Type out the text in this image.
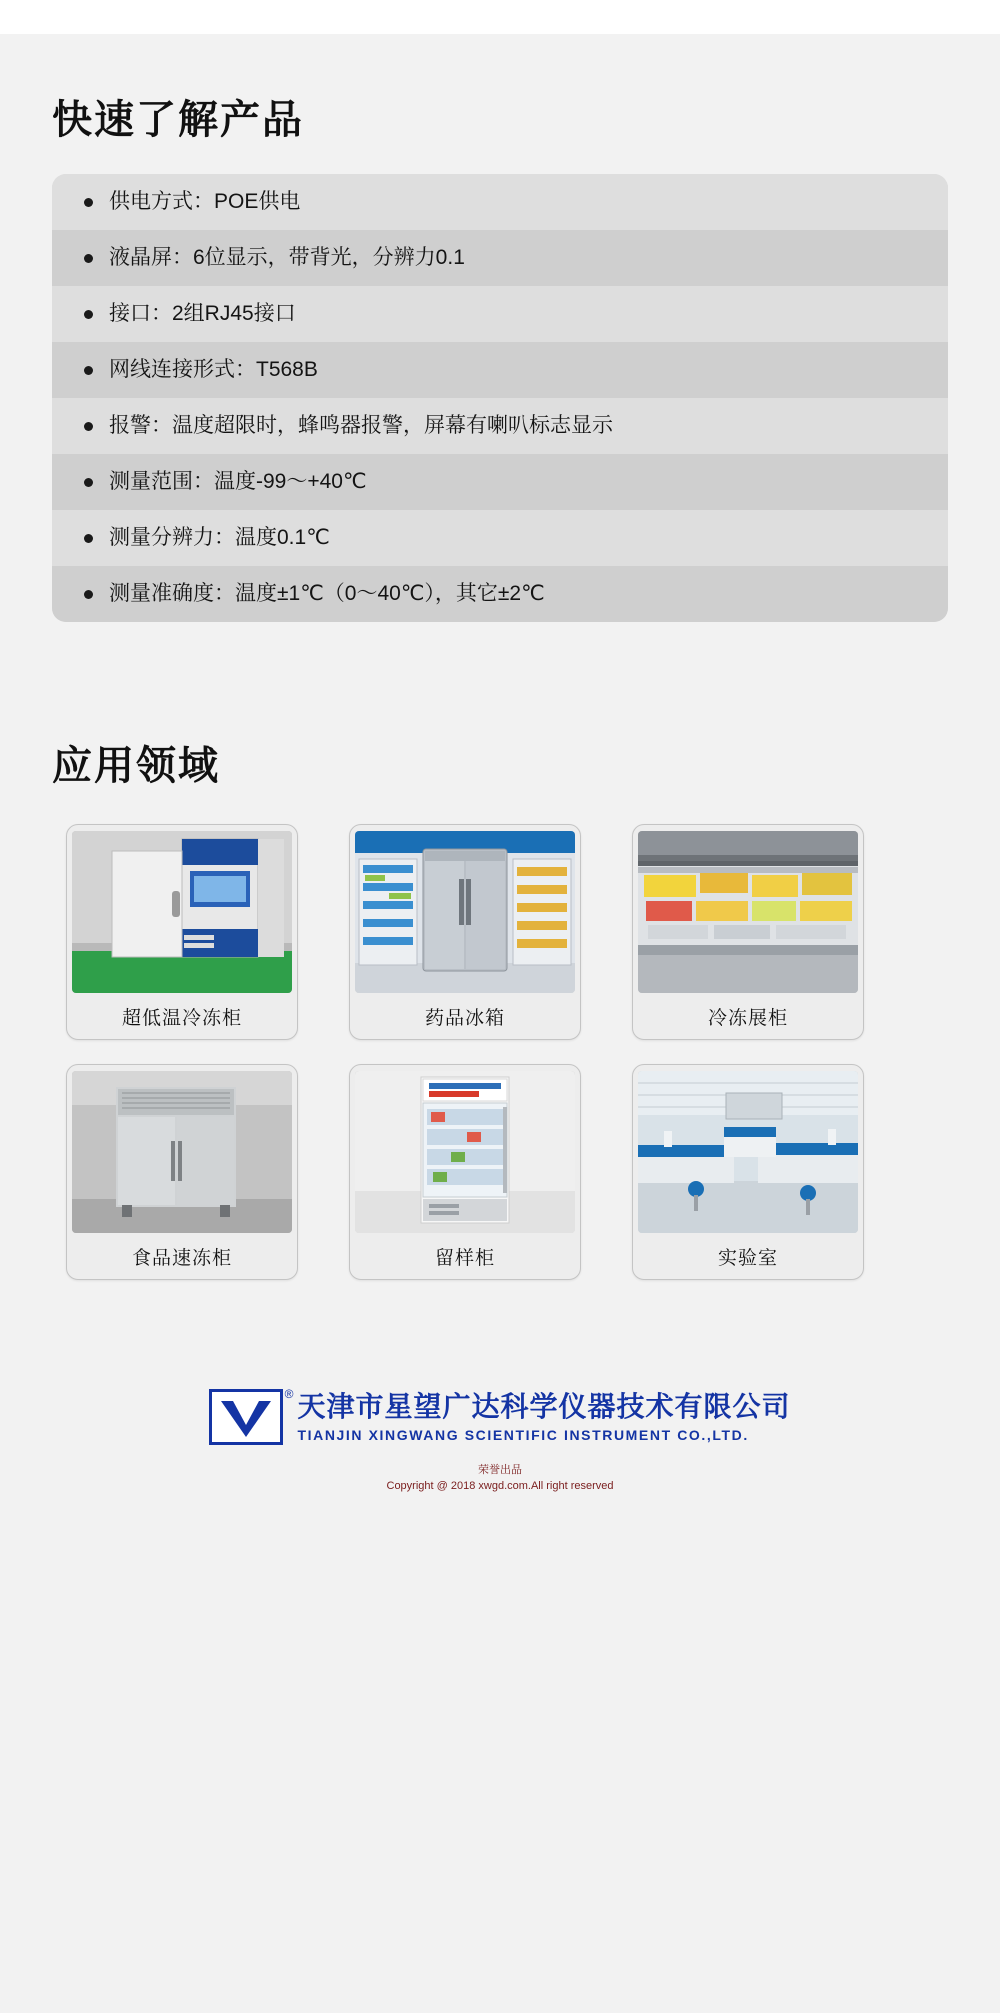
快速了解产品
供电方式：POE供电
液晶屏：6位显示，带背光，分辨力0.1
接口：2组RJ45接口
网线连接形式：T568B
报警：温度超限时，蜂鸣器报警，屏幕有喇叭标志显示
测量范围：温度-99～+40℃
测量分辨力：温度0.1℃
测量准确度：温度±1℃（0～40℃），其它±2℃
应用领域
超低温冷冻柜	药品冰箱	冷冻展柜
食品速冻柜	留样柜	实验室
® 天津市星望广达科学仪器技术有限公司
TIANJIN XINGWANG SCIENTIFIC INSTRUMENT CO.,LTD.
荣誉出品
Copyright @ 2018 xwgd.com.All right reserved
